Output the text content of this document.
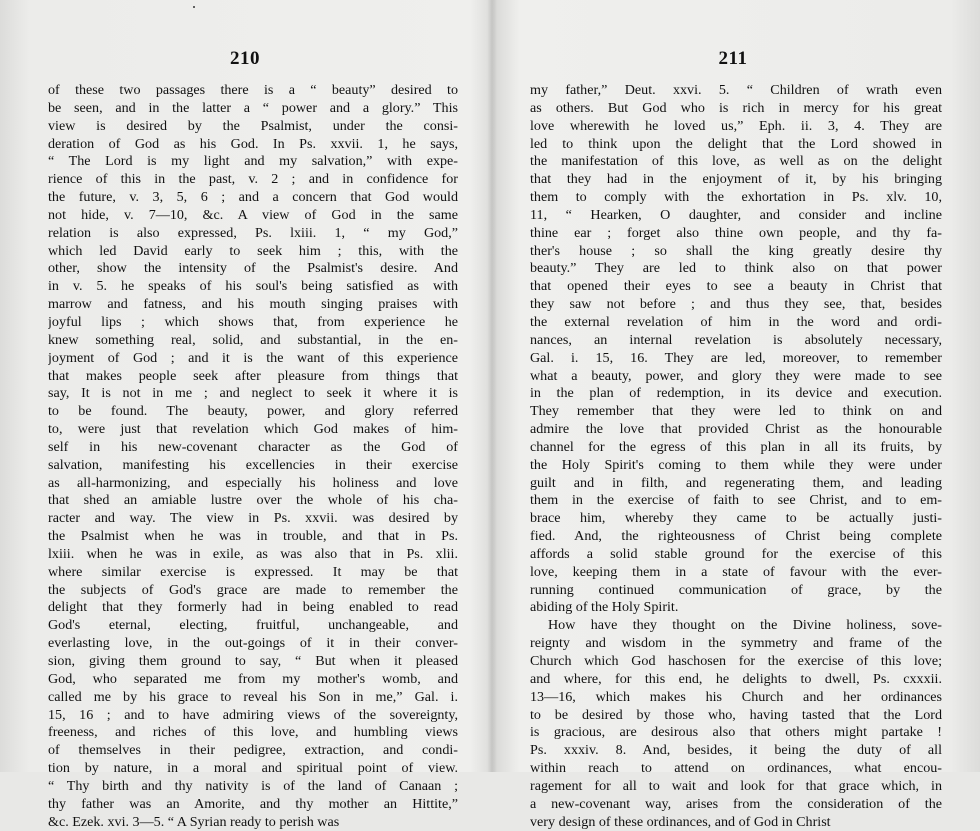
210
of these two passages there is a “ beauty” desired to
be seen, and in the latter a “ power and a glory.” This
view is desired by the Psalmist, under the consi-
deration of God as his God. In Ps. xxvii. 1, he says,
“ The Lord is my light and my salvation,” with expe-
rience of this in the past, v. 2 ; and in confidence for
the future, v. 3, 5, 6 ; and a concern that God would
not hide, v. 7—10, &c. A view of God in the same
relation is also expressed, Ps. lxiii. 1, “ my God,”
which led David early to seek him ; this, with the
other, show the intensity of the Psalmist's desire. And
in v. 5. he speaks of his soul's being satisfied as with
marrow and fatness, and his mouth singing praises with
joyful lips ; which shows that, from experience he
knew something real, solid, and substantial, in the en-
joyment of God ; and it is the want of this experience
that makes people seek after pleasure from things that
say, It is not in me ; and neglect to seek it where it is
to be found. The beauty, power, and glory referred
to, were just that revelation which God makes of him-
self in his new-covenant character as the God of
salvation, manifesting his excellencies in their exercise
as all-harmonizing, and especially his holiness and love
that shed an amiable lustre over the whole of his cha-
racter and way. The view in Ps. xxvii. was desired by
the Psalmist when he was in trouble, and that in Ps.
lxiii. when he was in exile, as was also that in Ps. xlii.
where similar exercise is expressed. It may be that
the subjects of God's grace are made to remember the
delight that they formerly had in being enabled to read
God's eternal, electing, fruitful, unchangeable, and
everlasting love, in the out-goings of it in their conver-
sion, giving them ground to say, “ But when it pleased
God, who separated me from my mother's womb, and
called me by his grace to reveal his Son in me,” Gal. i.
15, 16 ; and to have admiring views of the sovereignty,
freeness, and riches of this love, and humbling views
of themselves in their pedigree, extraction, and condi-
tion by nature, in a moral and spiritual point of view.
“ Thy birth and thy nativity is of the land of Canaan ;
thy father was an Amorite, and thy mother an Hittite,”
&c. Ezek. xvi. 3—5. “ A Syrian ready to perish was
211
my father,” Deut. xxvi. 5. “ Children of wrath even
as others. But God who is rich in mercy for his great
love wherewith he loved us,” Eph. ii. 3, 4. They are
led to think upon the delight that the Lord showed in
the manifestation of this love, as well as on the delight
that they had in the enjoyment of it, by his bringing
them to comply with the exhortation in Ps. xlv. 10,
11, “ Hearken, O daughter, and consider and incline
thine ear ; forget also thine own people, and thy fa-
ther's house ; so shall the king greatly desire thy
beauty.” They are led to think also on that power
that opened their eyes to see a beauty in Christ that
they saw not before ; and thus they see, that, besides
the external revelation of him in the word and ordi-
nances, an internal revelation is absolutely necessary,
Gal. i. 15, 16. They are led, moreover, to remember
what a beauty, power, and glory they were made to see
in the plan of redemption, in its device and execution.
They remember that they were led to think on and
admire the love that provided Christ as the honourable
channel for the egress of this plan in all its fruits, by
the Holy Spirit's coming to them while they were under
guilt and in filth, and regenerating them, and leading
them in the exercise of faith to see Christ, and to em-
brace him, whereby they came to be actually justi-
fied. And, the righteousness of Christ being complete
affords a solid stable ground for the exercise of this
love, keeping them in a state of favour with the ever-
running continued communication of grace, by the
abiding of the Holy Spirit.
How have they thought on the Divine holiness, sove-
reignty and wisdom in the symmetry and frame of the
Church which God haschosen for the exercise of this love;
and where, for this end, he delights to dwell, Ps. cxxxii.
13—16, which makes his Church and her ordinances
to be desired by those who, having tasted that the Lord
is gracious, are desirous also that others might partake !
Ps. xxxiv. 8. And, besides, it being the duty of all
within reach to attend on ordinances, what encou-
ragement for all to wait and look for that grace which, in
a new-covenant way, arises from the consideration of the
very design of these ordinances, and of God in Christ
